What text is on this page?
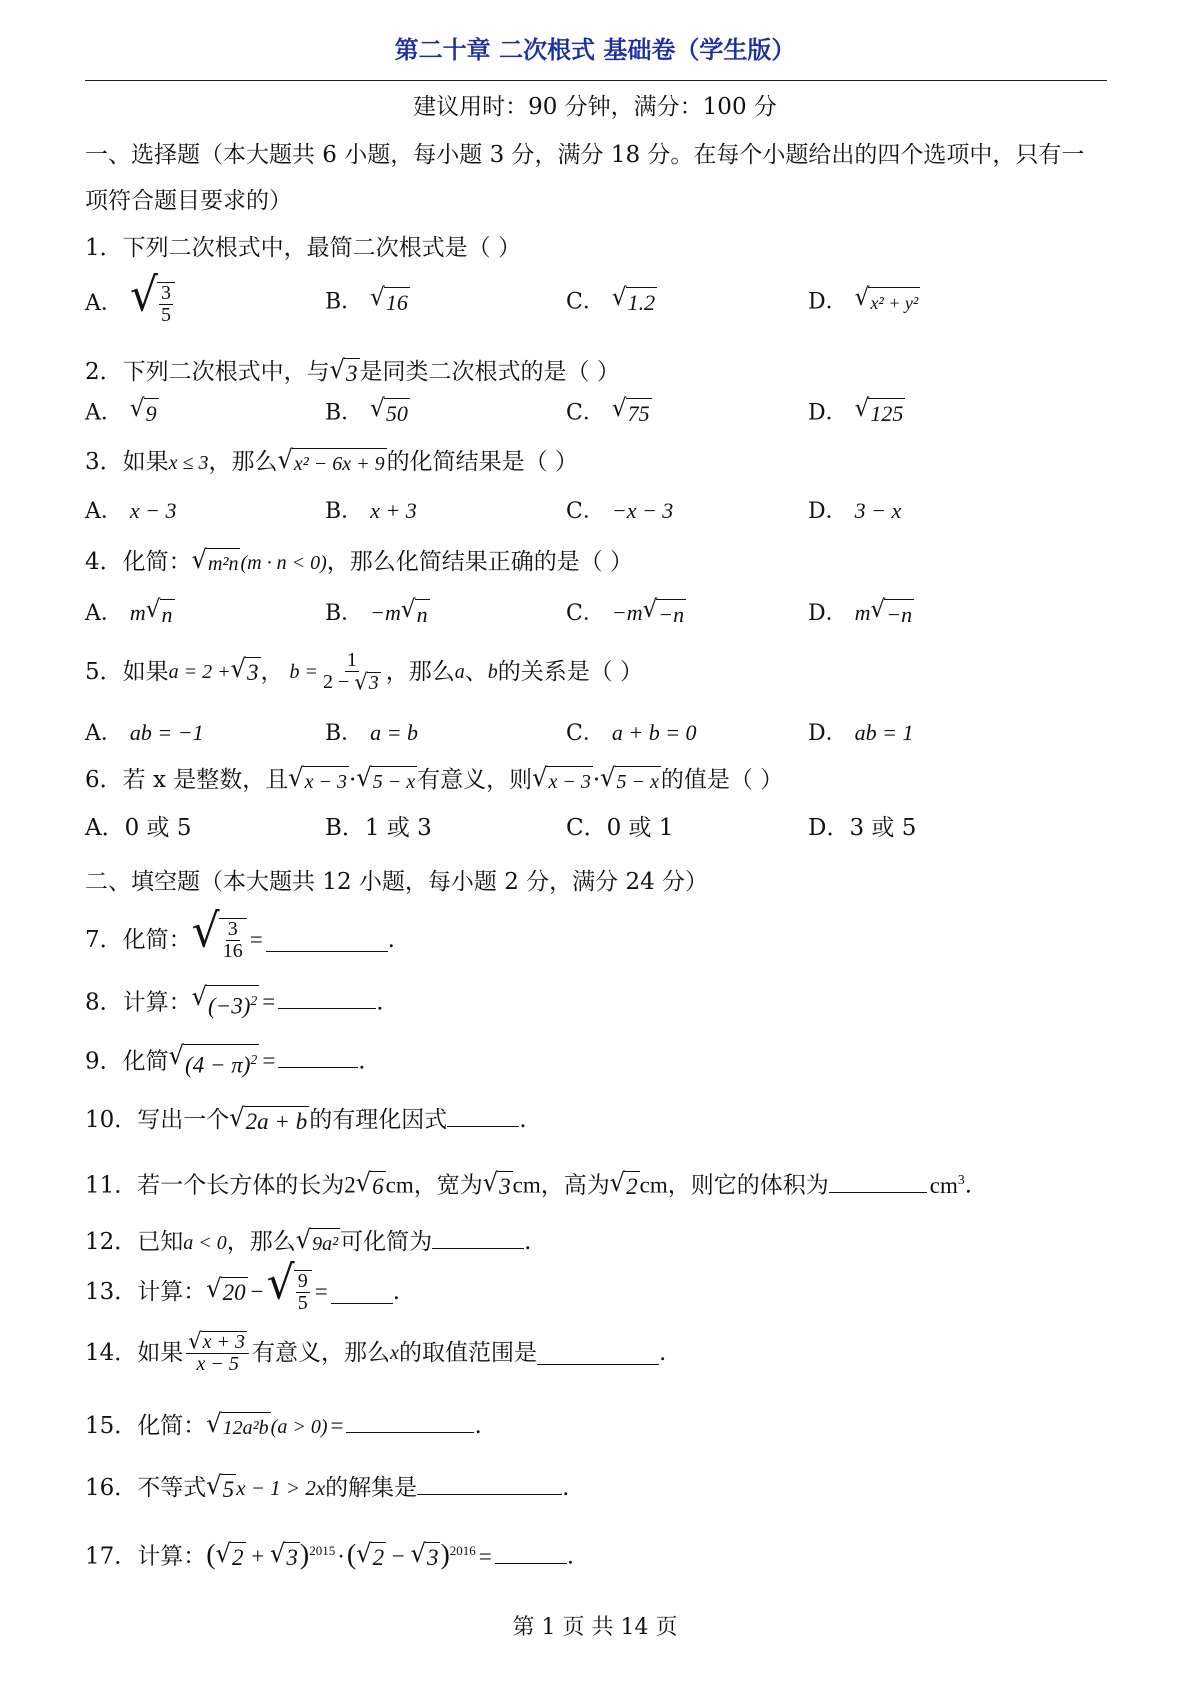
第二十章 二次根式 基础卷（学生版）
建议用时：90 分钟，满分：100 分
一、选择题（本大题共 6 小题，每小题 3 分，满分 18 分。在每个小题给出的四个选项中，只有一
项符合题目要求的）
1．下列二次根式中，最简二次根式是（ ）
A． √ $\frac{3}{5}$	B． √ 16	C． √ 1.2	D． √ x² + y²
2．下列二次根式中，与 √ 3 是同类二次根式的是（ ）
A． √ 9	B． √ 50	C． √ 75	D． √ 125
3．如果x ≤ 3，那么 √ x² − 6x + 9 的化简结果是（ ）
A． x − 3	B． x + 3	C． −x − 3	D． 3 − x
4．化简： √ m²n (m · n < 0)，那么化简结果正确的是（ ）
A． m √ n	B． −m √ n	C． −m √ −n	D． m √ −n
5．如果 a = 2 + √ 3 ， $b = \frac{1}{2 - √ 3}$ ，那么 a 、 b 的关系是（ ）
A． ab = −1	B． a = b	C． a + b = 0	D． ab = 1
6．若 x 是整数，且 √ x − 3 · √ 5 − x 有意义，则 √ x − 3 · √ 5 − x 的值是（ ）
A．0 或 5	B．1 或 3	C．0 或 1	D．3 或 5
二、填空题（本大题共 12 小题，每小题 2 分，满分 24 分）
7．化简： √ $\frac{3}{16}$ =	.
8．计算： √ $(-3)^2$ =	.
9．化简 √ $(4 - \pi)^2$ =	.
10．写出一个 √ 2a + b 的有理化因式	.
11．若一个长方体的长为2 √ 6 cm，宽为 √ 3 cm，高为 √ 2 cm，则它的体积为	$cm^3$.
12．已知a < 0，那么 √ 9a² 可化简为	.
13．计算： √ 20 − √ $\frac{9}{5}$ =	.
14．如果 $\frac{√ x + 3}{x - 5}$ 有意义，那么 x 的取值范围是	.
15．化简： √ 12a²b (a > 0) =	.
16．不等式 √ 5 x − 1 > 2x的解集是	.
17．计算：( √ 2 + √ 3 )$^{2015}$·( √ 2 − √ 3 )$^{2016}$ =	.
第 1 页 共 14 页
